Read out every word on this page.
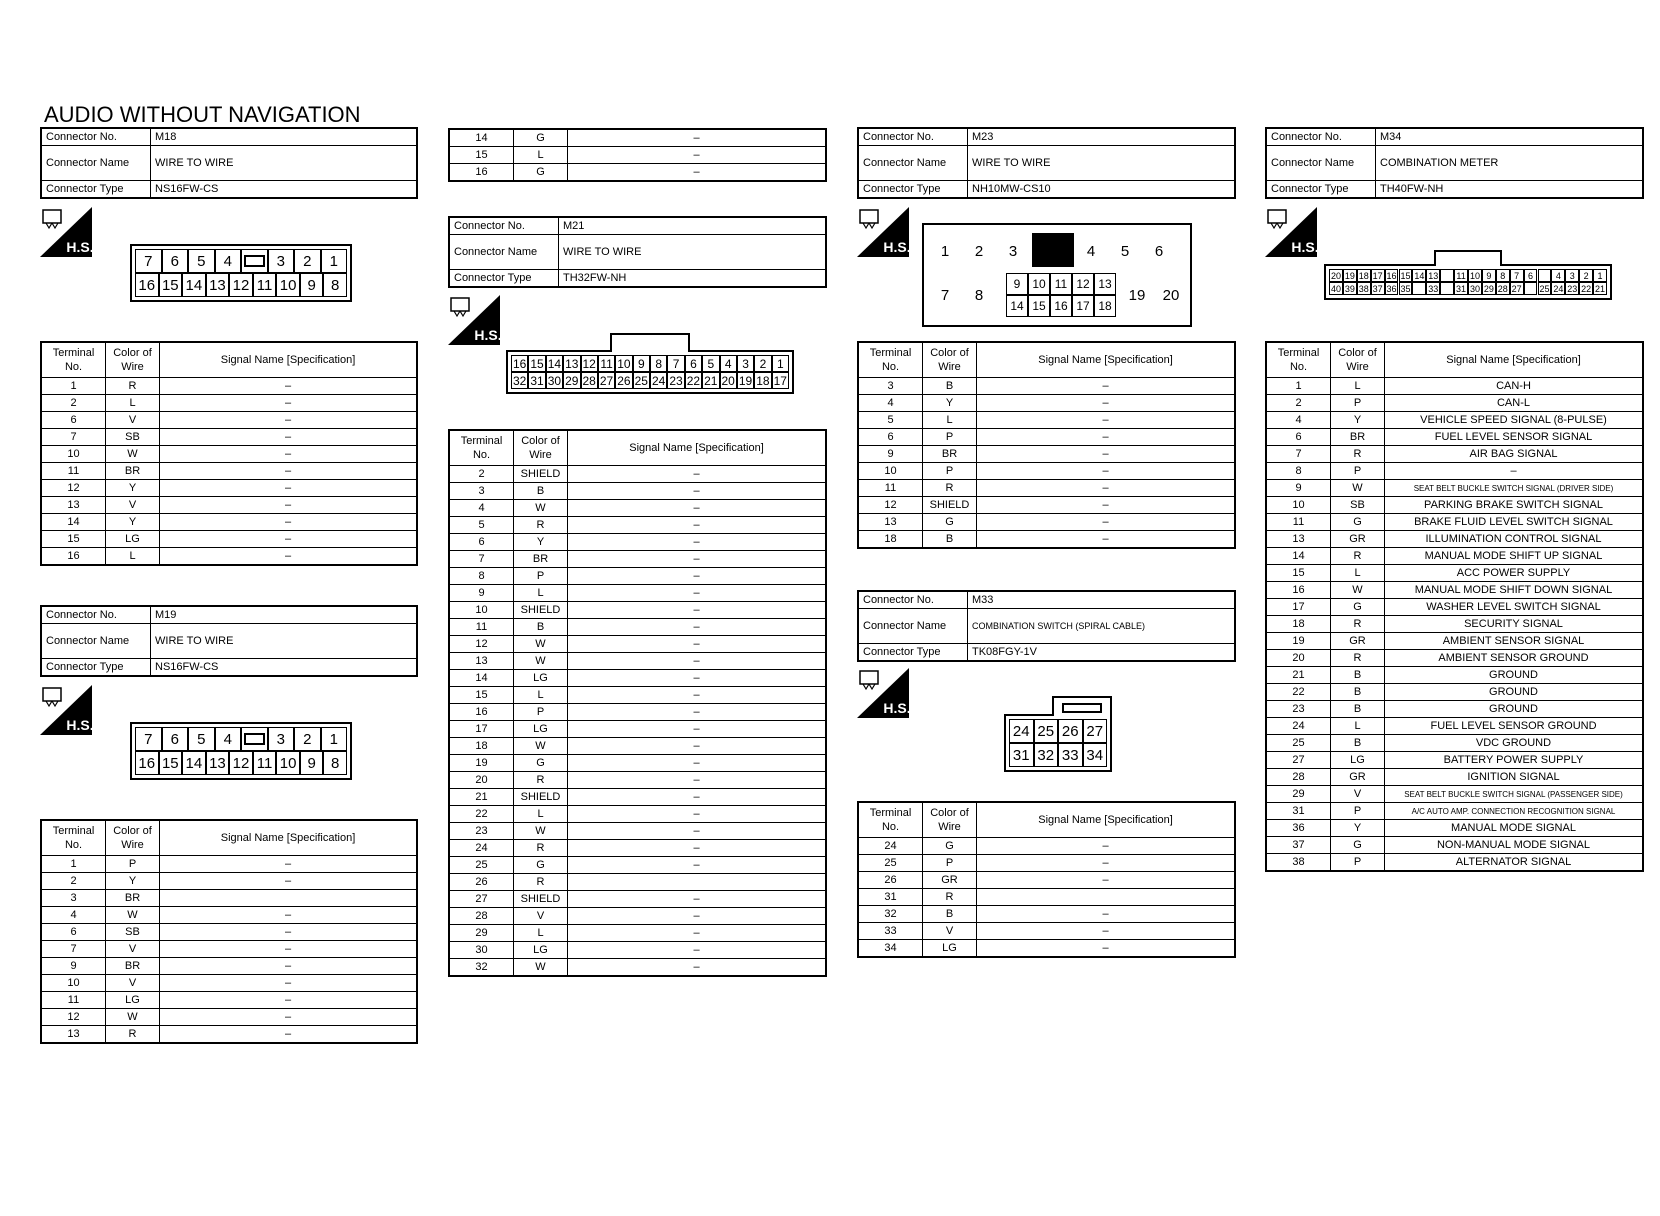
AUDIO WITHOUT NAVIGATION
Connector No.	M18
Connector Name	WIRE TO WIRE
Connector Type	NS16FW-CS
H.S.
7	6	5	4	3	2	1
16 15 14 13 12 11 10 9	8
Terminal No.	Color of Wire	Signal Name [Specification]
1	R	–
2	L	–
6	V	–
7	SB	–
10	W	–
11	BR	–
12	Y	–
13	V	–
14	Y	–
15	LG	–
16	L	–
Connector No.	M19
Connector Name	WIRE TO WIRE
Connector Type	NS16FW-CS
H.S.
7	6	5	4	3	2	1
16 15 14 13 12 11 10 9	8
Terminal No.	Color of Wire	Signal Name [Specification]
1	P	–
2	Y	–
3	BR	
4	W	–
6	SB	–
7	V	–
9	BR	–
10	V	–
11	LG	–
12	W	–
13	R	–
14	G	–
15	L	–
16	G	–
Connector No.	M21
Connector Name	WIRE TO WIRE
Connector Type	TH32FW-NH
H.S.
16 15 14 13 12 11 10 9 8 7 6 5 4 3 2 1
32 31 30 29 28 27 26 25 24 23 22 21 20 19 18 17
Terminal No.	Color of Wire	Signal Name [Specification]
2	SHIELD	–
3	B	–
4	W	–
5	R	–
6	Y	–
7	BR	–
8	P	–
9	L	–
10	SHIELD	–
11	B	–
12	W	–
13	W	–
14	LG	–
15	L	–
16	P	–
17	LG	–
18	W	–
19	G	–
20	R	–
21	SHIELD	–
22	L	–
23	W	–
24	R	–
25	G	–
26	R	
27	SHIELD	–
28	V	–
29	L	–
30	LG	–
32	W	–
Connector No.	M23
Connector Name	WIRE TO WIRE
Connector Type	NH10MW-CS10
H.S.	1	2	3	4	5	6
7	8
9 10 11 12 13
14 15 16 17 18
19	20
Terminal No.	Color of Wire	Signal Name [Specification]
3	B	–
4	Y	–
5	L	–
6	P	–
9	BR	–
10	P	–
11	R	–
12	SHIELD	–
13	G	–
18	B	–
Connector No.	M33
Connector Name	COMBINATION SWITCH (SPIRAL CABLE)
Connector Type	TK08FGY-1V
H.S.
24 25 26 27
31 32 33 34
Terminal No.	Color of Wire	Signal Name [Specification]
24	G	–
25	P	–
26	GR	–
31	R	
32	B	–
33	V	–
34	LG	–
Connector No.	M34
Connector Name	COMBINATION METER
Connector Type	TH40FW-NH
H.S.
20 19 18 17 16 15 14 13 11 10 9 8 7 6	4 3 2 1
40 39 38 37 36 35 33 31 30 29 28 27 25 24 23 22 21
Terminal No.	Color of Wire	Signal Name [Specification]
1	L	CAN-H
2	P	CAN-L
4	Y	VEHICLE SPEED SIGNAL (8-PULSE)
6	BR	FUEL LEVEL SENSOR SIGNAL
7	R	AIR BAG SIGNAL
8	P	–
9	W	SEAT BELT BUCKLE SWITCH SIGNAL (DRIVER SIDE)
10	SB	PARKING BRAKE SWITCH SIGNAL
11	G	BRAKE FLUID LEVEL SWITCH SIGNAL
13	GR	ILLUMINATION CONTROL SIGNAL
14	R	MANUAL MODE SHIFT UP SIGNAL
15	L	ACC POWER SUPPLY
16	W	MANUAL MODE SHIFT DOWN SIGNAL
17	G	WASHER LEVEL SWITCH SIGNAL
18	R	SECURITY SIGNAL
19	GR	AMBIENT SENSOR SIGNAL
20	R	AMBIENT SENSOR GROUND
21	B	GROUND
22	B	GROUND
23	B	GROUND
24	L	FUEL LEVEL SENSOR GROUND
25	B	VDC GROUND
27	LG	BATTERY POWER SUPPLY
28	GR	IGNITION SIGNAL
29	V	SEAT BELT BUCKLE SWITCH SIGNAL (PASSENGER SIDE)
31	P	A/C AUTO AMP. CONNECTION RECOGNITION SIGNAL
36	Y	MANUAL MODE SIGNAL
37	G	NON-MANUAL MODE SIGNAL
38	P	ALTERNATOR SIGNAL
